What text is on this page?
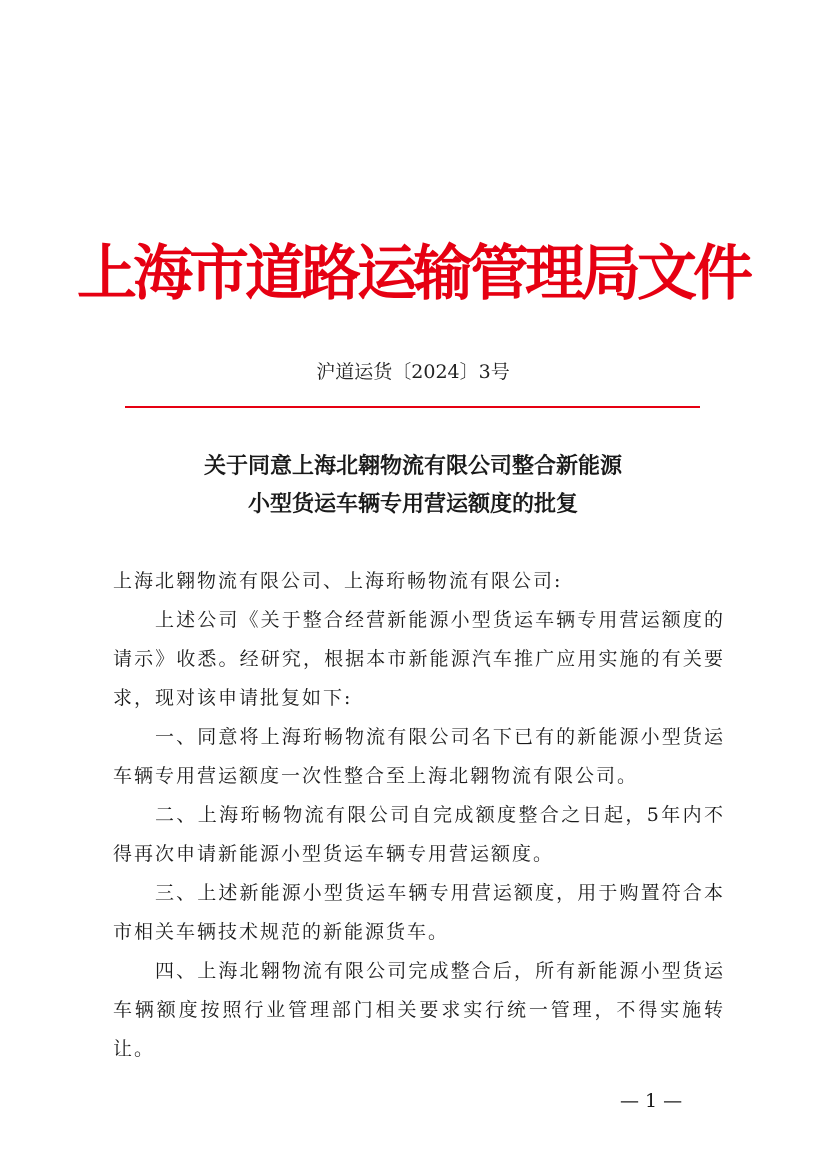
上海市道路运输管理局文件
沪道运货〔2024〕3号
关于同意上海北翱物流有限公司整合新能源
小型货运车辆专用营运额度的批复

上海北翱物流有限公司、上海珩畅物流有限公司:

上述公司《关于整合经营新能源小型货运车辆专用营运额度的请示》收悉。经研究，根据本市新能源汽车推广应用实施的有关要求，现对该申请批复如下:

一、同意将上海珩畅物流有限公司名下已有的新能源小型货运车辆专用营运额度一次性整合至上海北翱物流有限公司。

二、上海珩畅物流有限公司自完成额度整合之日起，5年内不得再次申请新能源小型货运车辆专用营运额度。

三、上述新能源小型货运车辆专用营运额度，用于购置符合本市相关车辆技术规范的新能源货车。

四、上海北翱物流有限公司完成整合后，所有新能源小型货运车辆额度按照行业管理部门相关要求实行统一管理，不得实施转让。

— 1 —
